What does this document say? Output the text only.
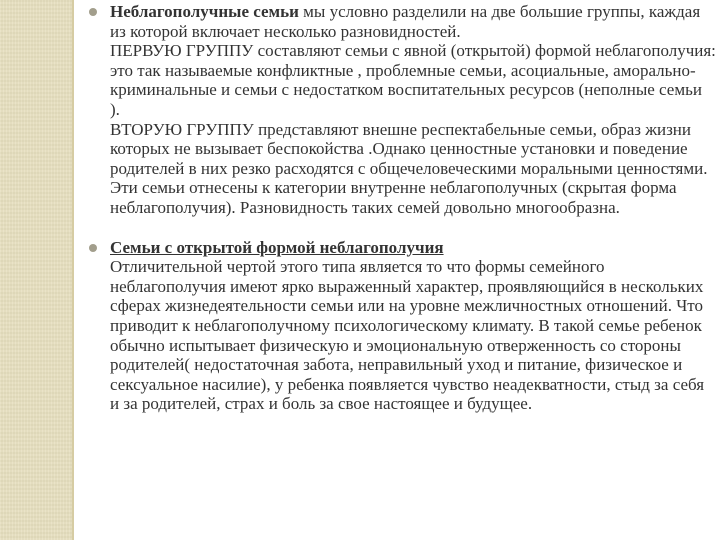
Неблагополучные семьи мы условно разделили на две большие группы, каждая из которой включает несколько разновидностей.

ПЕРВУЮ ГРУППУ составляют семьи с явной (открытой) формой неблагополучия: это так называемые конфликтные , проблемные семьи, асоциальные, аморально-криминальные и семьи с недостатком воспитательных ресурсов (неполные семьи ).

ВТОРУЮ ГРУППУ представляют внешне респектабельные семьи, образ жизни которых не вызывает беспокойства .Однако ценностные установки и поведение родителей в них резко расходятся с общечеловеческими моральными ценностями. Эти семьи отнесены к категории внутренне неблагополучных (скрытая форма неблагополучия). Разновидность таких семей довольно многообразна.

Семьи с открытой формой неблагополучия

Отличительной чертой этого типа является то что формы семейного неблагополучия имеют ярко выраженный характер, проявляющийся в нескольких сферах жизнедеятельности семьи или на уровне межличностных отношений. Что приводит к неблагополучному психологическому климату. В такой семье ребенок обычно испытывает физическую и эмоциональную отверженность со стороны родителей( недостаточная забота, неправильный уход и питание, физическое и сексуальное насилие), у ребенка появляется чувство неадекватности, стыд за себя и за родителей, страх и боль за свое настоящее и будущее.
